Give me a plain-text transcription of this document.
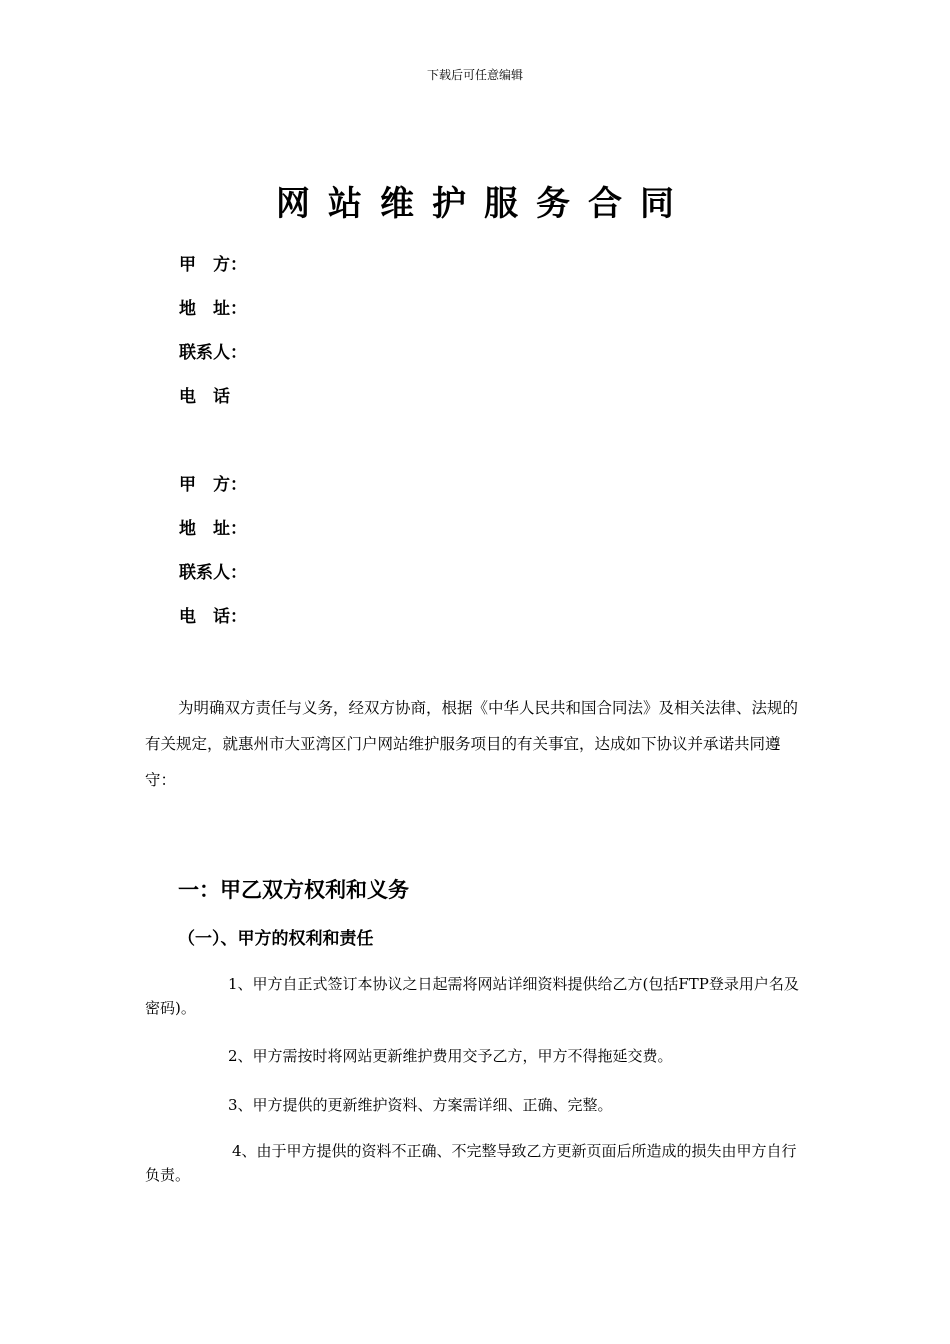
下载后可任意编辑
网站维护服务合同
甲　方：
地　址：
联系人：
电　话
甲　方：
地　址：
联系人：
电　话：
为明确双方责任与义务，经双方协商，根据《中华人民共和国合同法》及相关法律、法规的有关规定，就惠州市大亚湾区门户网站维护服务项目的有关事宜，达成如下协议并承诺共同遵守：
一：甲乙双方权利和义务
（一）、甲方的权利和责任
1、甲方自正式签订本协议之日起需将网站详细资料提供给乙方(包括FTP登录用户名及密码)。
2、甲方需按时将网站更新维护费用交予乙方，甲方不得拖延交费。
3、甲方提供的更新维护资料、方案需详细、正确、完整。
4、由于甲方提供的资料不正确、不完整导致乙方更新页面后所造成的损失由甲方自行负责。
